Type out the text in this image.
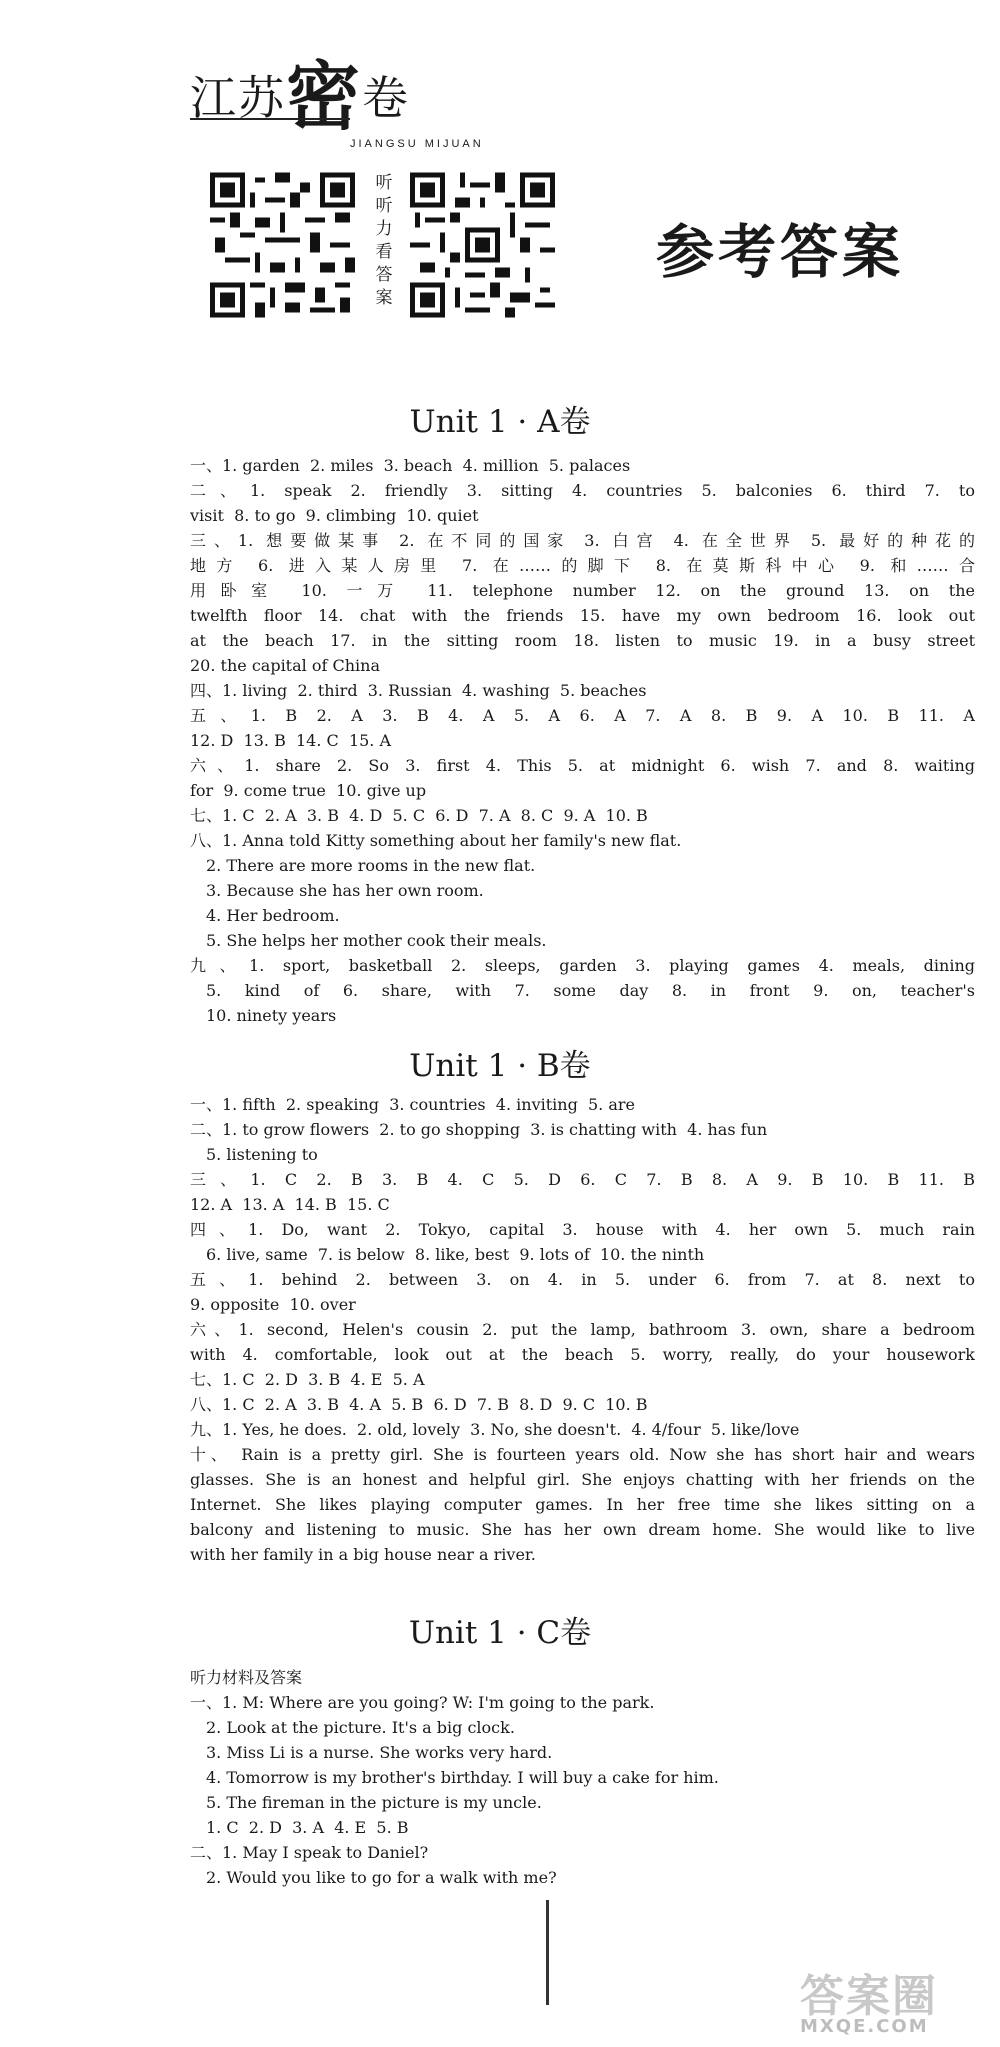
江苏密卷
JIANGSU MIJUAN
听
听
力
看
答
案
参考答案
Unit 1 · A卷
一、1. garden  2. miles  3. beach  4. million  5. palaces
二、1. speak 2. friendly 3. sitting 4. countries 5. balconies 6. third 7. to
visit  8. to go  9. climbing  10. quiet
三、1. 想要做某事 2. 在不同的国家 3. 白宫 4. 在全世界 5. 最好的种花的
地方 6. 进入某人房里 7. 在……的脚下 8. 在莫斯科中心 9. 和……合
用卧室 10. 一万 11. telephone number 12. on the ground 13. on the
twelfth floor 14. chat with the friends 15. have my own bedroom 16. look out
at the beach 17. in the sitting room 18. listen to music 19. in a busy street
20. the capital of China
四、1. living  2. third  3. Russian  4. washing  5. beaches
五、1. B 2. A 3. B 4. A 5. A 6. A 7. A 8. B 9. A 10. B 11. A
12. D  13. B  14. C  15. A
六、1. share 2. So 3. first 4. This 5. at midnight 6. wish 7. and 8. waiting
for  9. come true  10. give up
七、1. C  2. A  3. B  4. D  5. C  6. D  7. A  8. C  9. A  10. B
八、1. Anna told Kitty something about her family's new flat.
2. There are more rooms in the new flat.
3. Because she has her own room.
4. Her bedroom.
5. She helps her mother cook their meals.
九、1. sport, basketball 2. sleeps, garden 3. playing games 4. meals, dining
5. kind of 6. share, with 7. some day 8. in front 9. on, teacher's
10. ninety years
Unit 1 · B卷
一、1. fifth  2. speaking  3. countries  4. inviting  5. are
二、1. to grow flowers  2. to go shopping  3. is chatting with  4. has fun
5. listening to
三、1. C 2. B 3. B 4. C 5. D 6. C 7. B 8. A 9. B 10. B 11. B
12. A  13. A  14. B  15. C
四、1. Do, want 2. Tokyo, capital 3. house with 4. her own 5. much rain
6. live, same  7. is below  8. like, best  9. lots of  10. the ninth
五、1. behind 2. between 3. on 4. in 5. under 6. from 7. at 8. next to
9. opposite  10. over
六、1. second, Helen's cousin 2. put the lamp, bathroom 3. own, share a bedroom
with 4. comfortable, look out at the beach 5. worry, really, do your housework
七、1. C  2. D  3. B  4. E  5. A
八、1. C  2. A  3. B  4. A  5. B  6. D  7. B  8. D  9. C  10. B
九、1. Yes, he does.  2. old, lovely  3. No, she doesn't.  4. 4/four  5. like/love
十、 Rain is a pretty girl. She is fourteen years old. Now she has short hair and wears
glasses. She is an honest and helpful girl. She enjoys chatting with her friends on the
Internet. She likes playing computer games. In her free time she likes sitting on a
balcony and listening to music. She has her own dream home. She would like to live
with her family in a big house near a river.
Unit 1 · C卷
听力材料及答案
一、1. M: Where are you going? W: I'm going to the park.
2. Look at the picture. It's a big clock.
3. Miss Li is a nurse. She works very hard.
4. Tomorrow is my brother's birthday. I will buy a cake for him.
5. The fireman in the picture is my uncle.
1. C  2. D  3. A  4. E  5. B
二、1. May I speak to Daniel?
2. Would you like to go for a walk with me?
答案圈
MXQE.COM
